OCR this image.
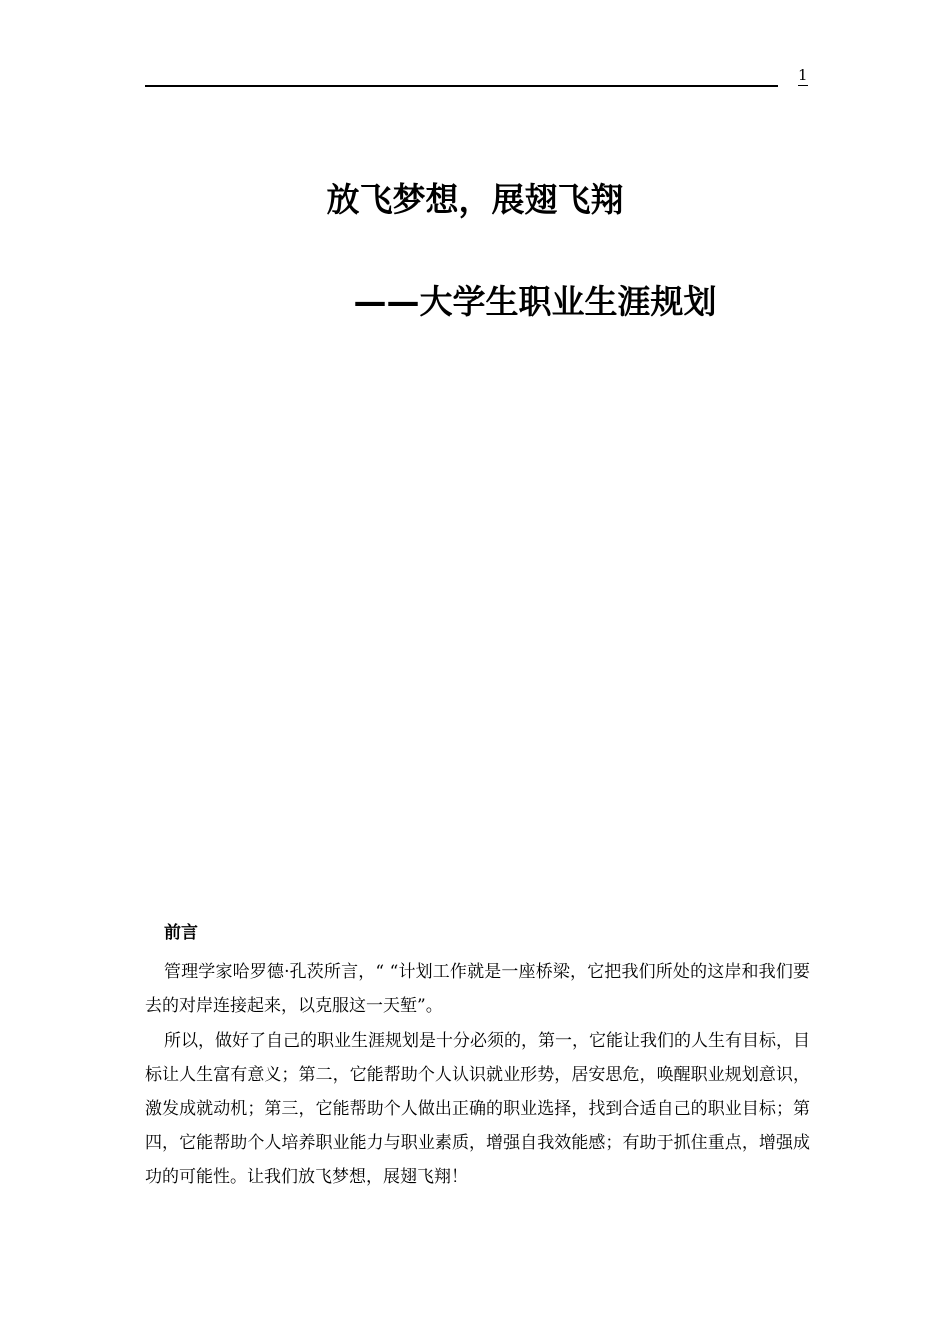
1
放飞梦想，展翅飞翔
——大学生职业生涯规划
前言

管理学家哈罗德·孔茨所言，“ “计划工作就是一座桥梁，它把我们所处的这岸和我们要去的对岸连接起来，以克服这一天堑”。

所以，做好了自己的职业生涯规划是十分必须的，第一，它能让我们的人生有目标，目标让人生富有意义；第二，它能帮助个人认识就业形势，居安思危，唤醒职业规划意识，激发成就动机；第三，它能帮助个人做出正确的职业选择，找到合适自己的职业目标；第四，它能帮助个人培养职业能力与职业素质，增强自我效能感；有助于抓住重点，增强成功的可能性。让我们放飞梦想，展翅飞翔！
